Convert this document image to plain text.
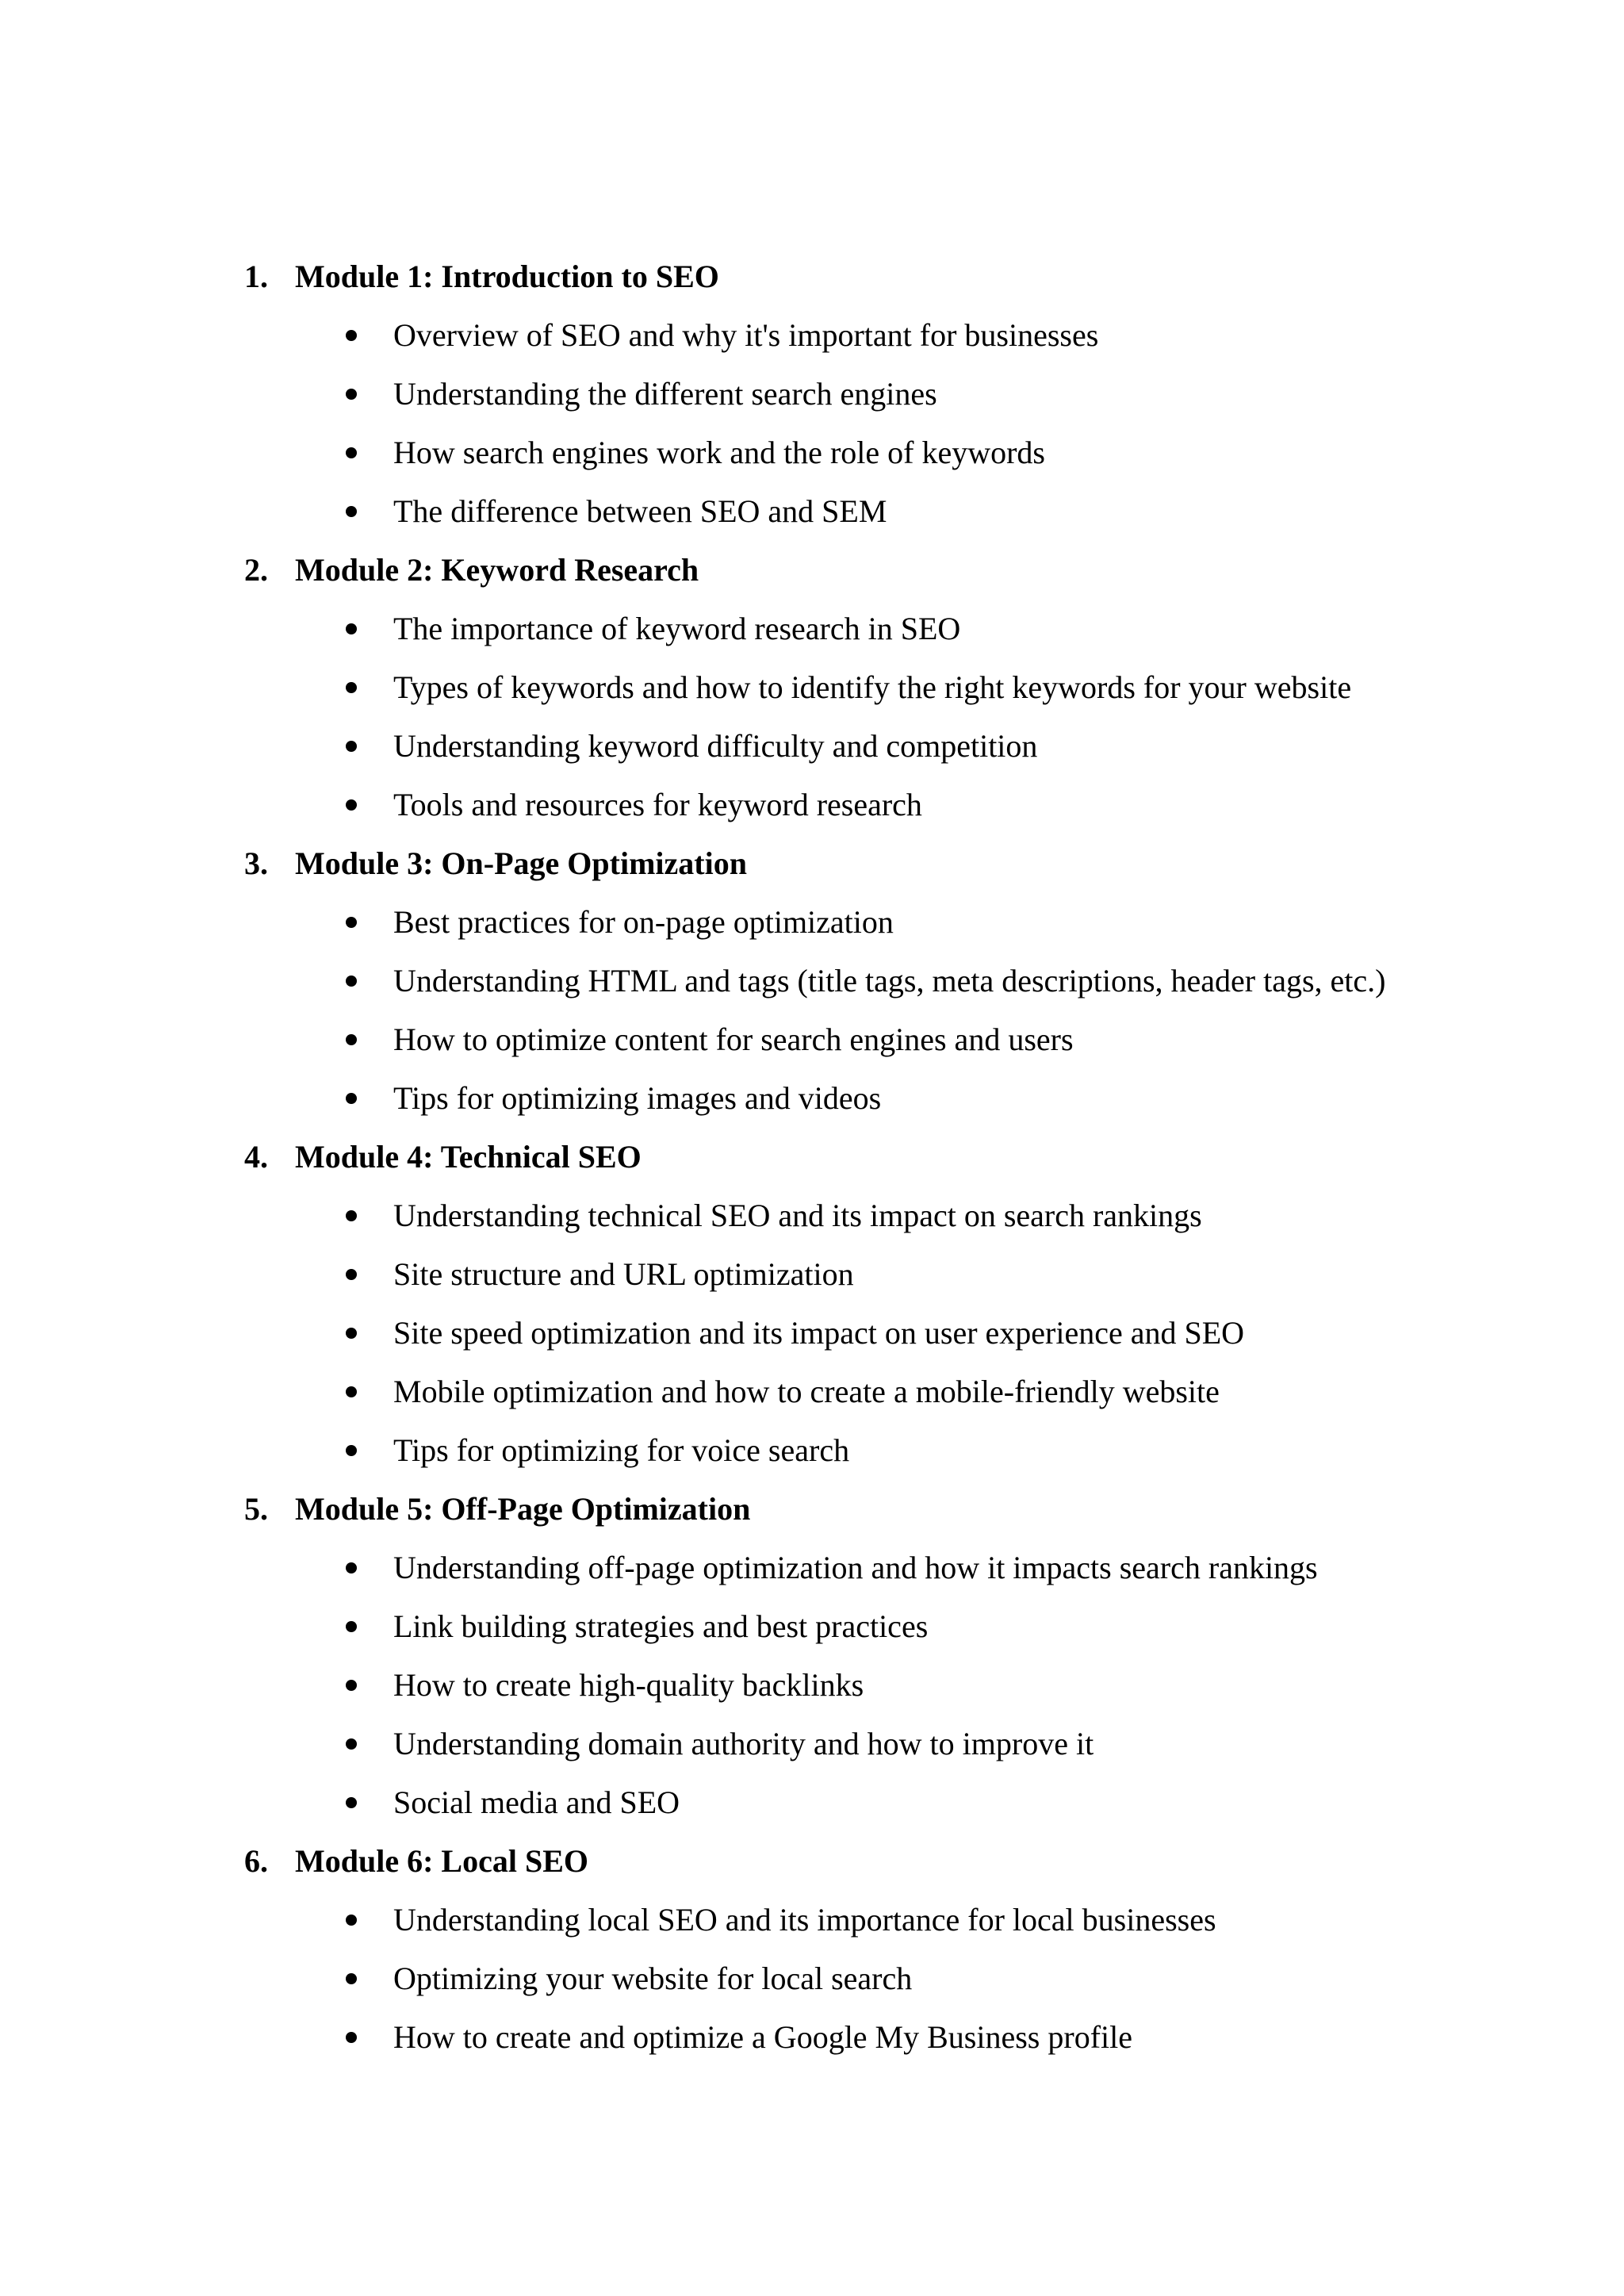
1. Module 1: Introduction to SEO
Overview of SEO and why it's important for businesses
Understanding the different search engines
How search engines work and the role of keywords
The difference between SEO and SEM
2. Module 2: Keyword Research
The importance of keyword research in SEO
Types of keywords and how to identify the right keywords for your website
Understanding keyword difficulty and competition
Tools and resources for keyword research
3. Module 3: On-Page Optimization
Best practices for on-page optimization
Understanding HTML and tags (title tags, meta descriptions, header tags, etc.)
How to optimize content for search engines and users
Tips for optimizing images and videos
4. Module 4: Technical SEO
Understanding technical SEO and its impact on search rankings
Site structure and URL optimization
Site speed optimization and its impact on user experience and SEO
Mobile optimization and how to create a mobile-friendly website
Tips for optimizing for voice search
5. Module 5: Off-Page Optimization
Understanding off-page optimization and how it impacts search rankings
Link building strategies and best practices
How to create high-quality backlinks
Understanding domain authority and how to improve it
Social media and SEO
6. Module 6: Local SEO
Understanding local SEO and its importance for local businesses
Optimizing your website for local search
How to create and optimize a Google My Business profile
